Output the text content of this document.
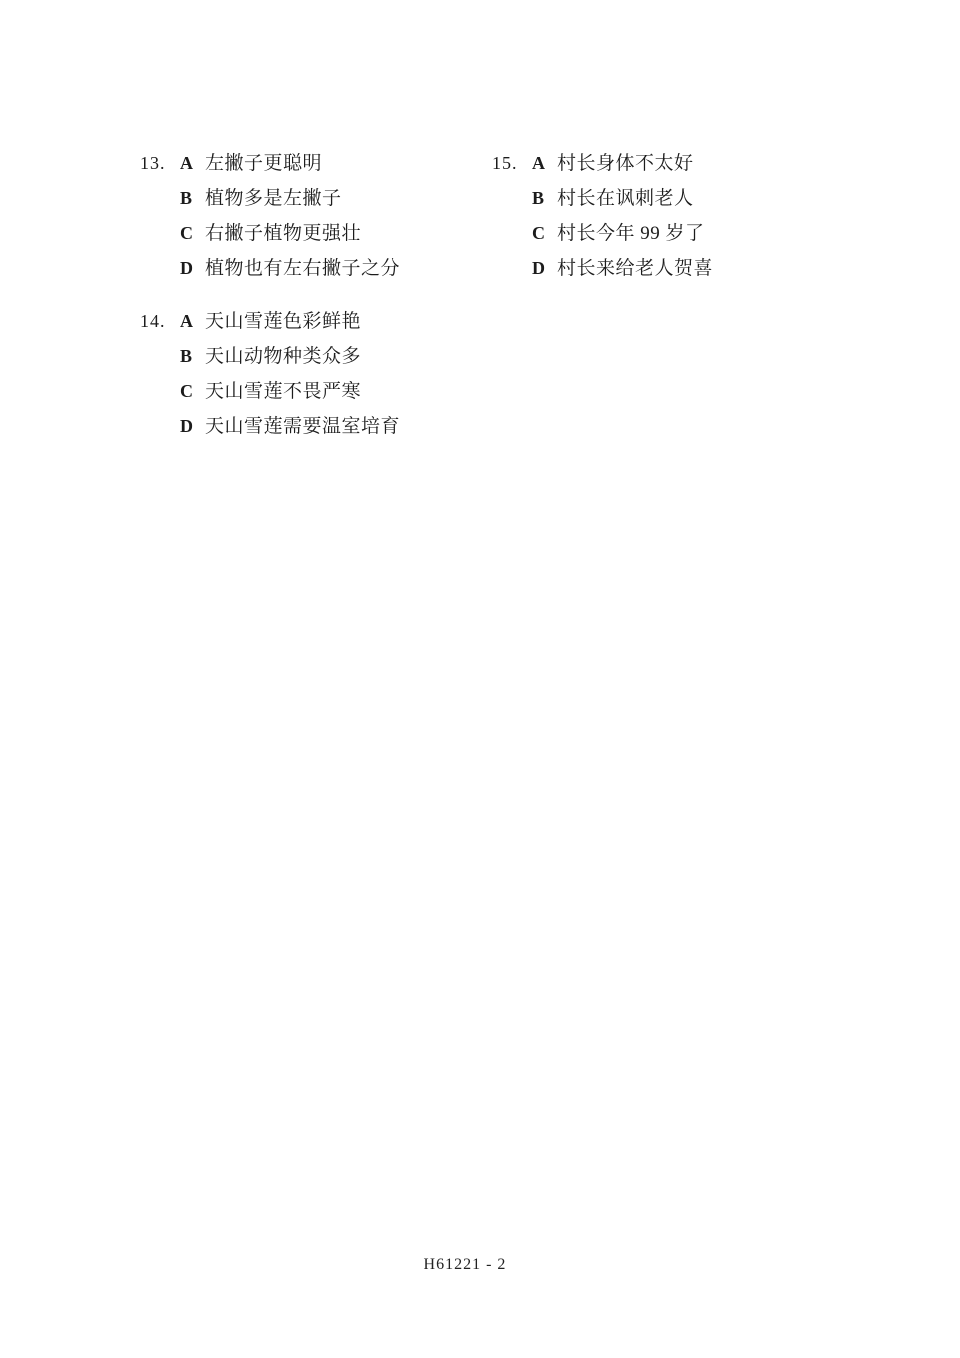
13. A 左撇子更聪明
B 植物多是左撇子
C 右撇子植物更强壮
D 植物也有左右撇子之分
14. A 天山雪莲色彩鲜艳
B 天山动物种类众多
C 天山雪莲不畏严寒
D 天山雪莲需要温室培育
15. A 村长身体不太好
B 村长在讽刺老人
C 村长今年 99 岁了
D 村长来给老人贺喜
H61221 - 2
